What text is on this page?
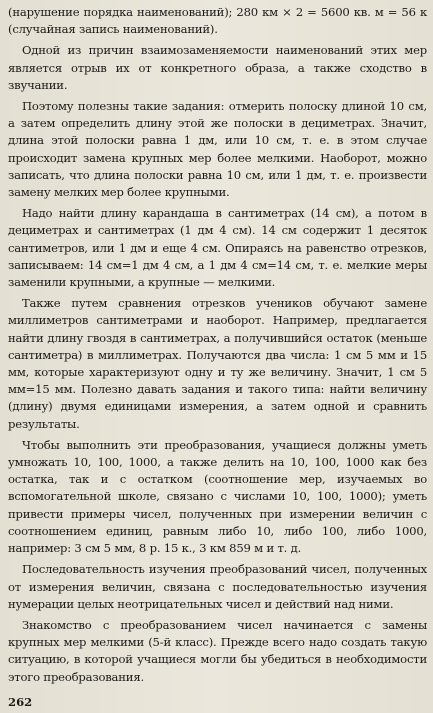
(нарушение порядка наименований); 280 км × 2 = 5600 кв. м = 56 к (случайная запись наименований).

Одной из причин взаимозаменяемости наименований этих мер является отрыв их от конкретного образа, а также сходство в звучании.

Поэтому полезны такие задания: отмерить полоску длиной 10 см, а затем определить длину этой же полоски в дециметрах. Значит, длина этой полоски равна 1 дм, или 10 см, т. е. в этом случае происходит замена крупных мер более мелкими. Наоборот, можно записать, что длина полоски равна 10 см, или 1 дм, т. е. произвести замену мелких мер более крупными.

Надо найти длину карандаша в сантиметрах (14 см), а потом в дециметрах и сантиметрах (1 дм 4 см). 14 см содержит 1 десяток сантиметров, или 1 дм и еще 4 см. Опираясь на равенство отрезков, записываем: 14 см=1 дм 4 см, а 1 дм 4 см=14 см, т. е. мелкие меры заменили крупными, а крупные — мелкими.

Также путем сравнения отрезков учеников обучают замене миллиметров сантиметрами и наоборот. Например, предлагается найти длину гвоздя в сантиметрах, а получившийся остаток (меньше сантиметра) в миллиметрах. Получаются два числа: 1 см 5 мм и 15 мм, которые характеризуют одну и ту же величину. Значит, 1 см 5 мм=15 мм. Полезно давать задания и такого типа: найти величину (длину) двумя единицами измерения, а затем одной и сравнить результаты.

Чтобы выполнить эти преобразования, учащиеся должны уметь умножать 10, 100, 1000, а также делить на 10, 100, 1000 как без остатка, так и с остатком (соотношение мер, изучаемых во вспомогательной школе, связано с числами 10, 100, 1000); уметь привести примеры чисел, полученных при измерении величин с соотношением единиц, равным либо 10, либо 100, либо 1000, например: 3 см 5 мм, 8 р. 15 к., 3 км 859 м и т. д.

Последовательность изучения преобразований чисел, полученных от измерения величин, связана с последовательностью изучения нумерации целых неотрицательных чисел и действий над ними.

Знакомство с преобразованием чисел начинается с замены крупных мер мелкими (5-й класс). Прежде всего надо создать такую ситуацию, в которой учащиеся могли бы убедиться в необходимости этого преобразования.

262
